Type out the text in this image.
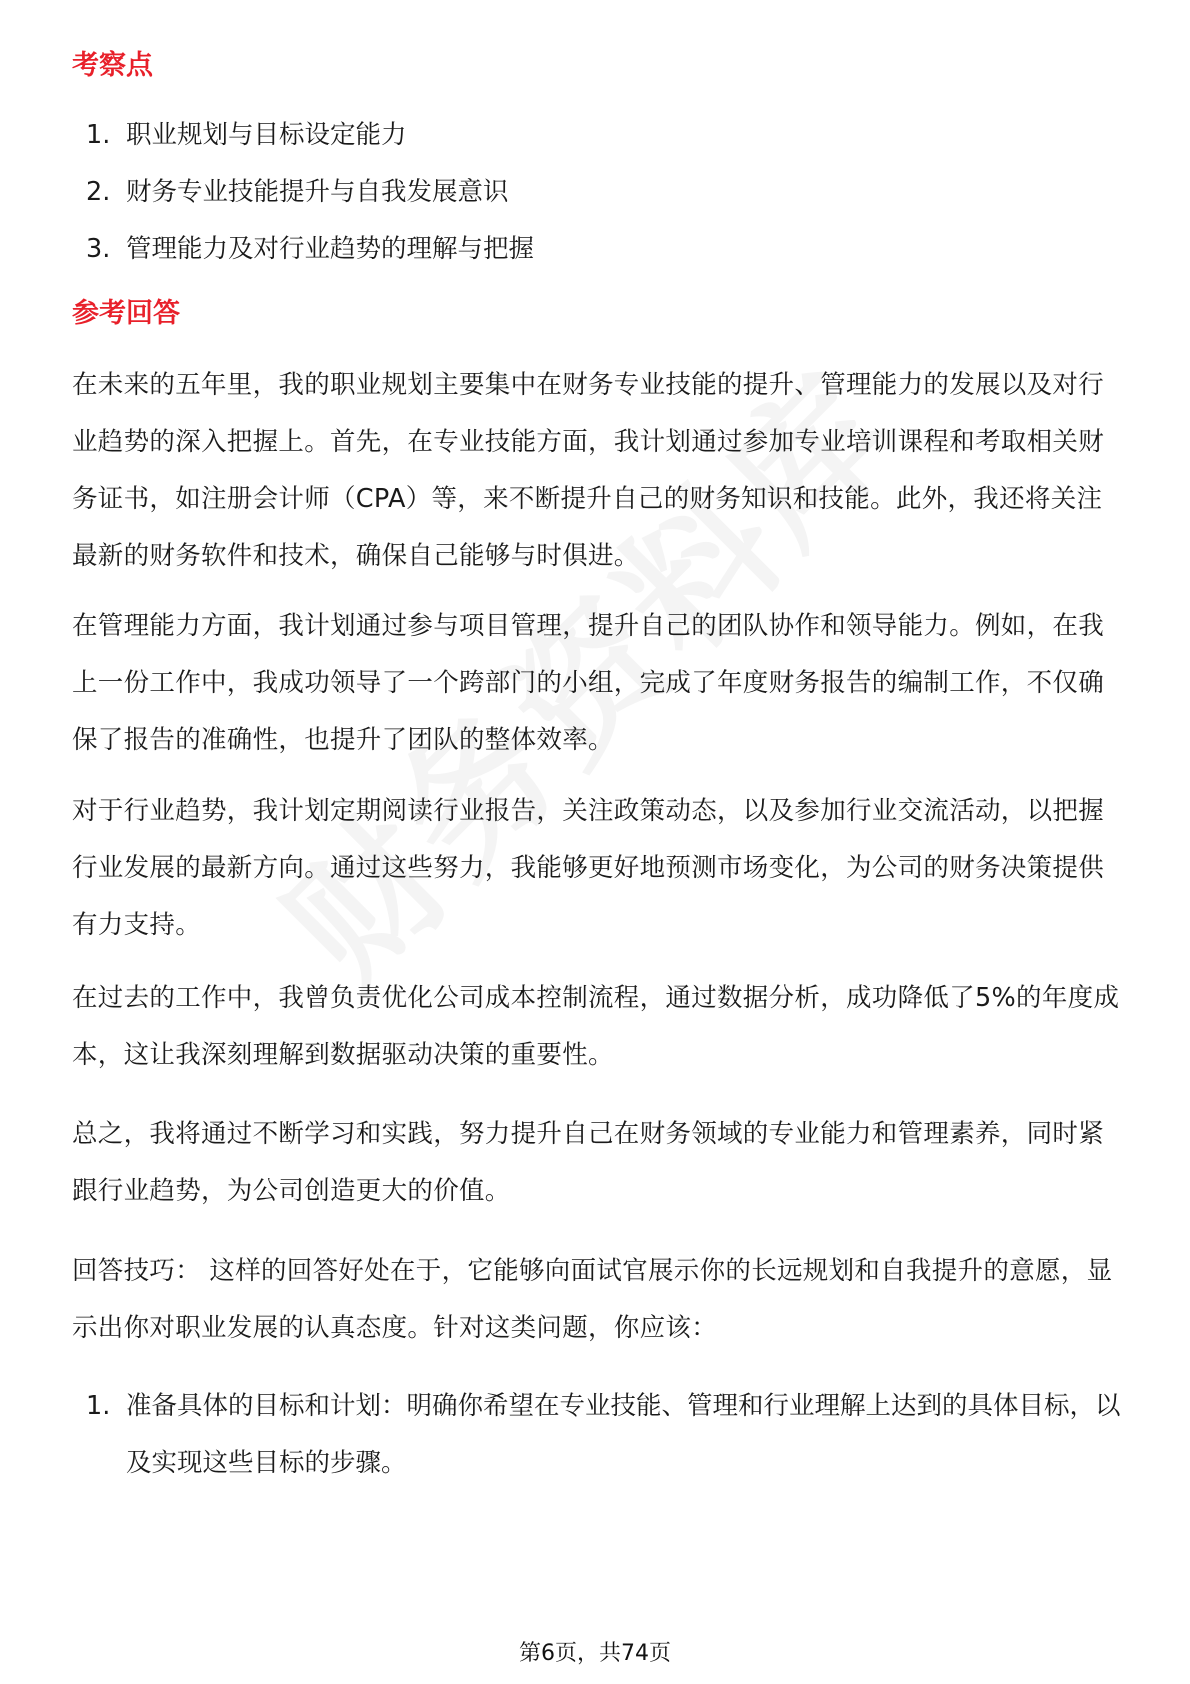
考察点
1. 职业规划与目标设定能力
2. 财务专业技能提升与自我发展意识
3. 管理能力及对行业趋势的理解与把握
参考回答
在未来的五年里，我的职业规划主要集中在财务专业技能的提升、管理能力的发展以及对行业趋势的深入把握上。首先，在专业技能方面，我计划通过参加专业培训课程和考取相关财务证书，如注册会计师（CPA）等，来不断提升自己的财务知识和技能。此外，我还将关注最新的财务软件和技术，确保自己能够与时俱进。
在管理能力方面，我计划通过参与项目管理，提升自己的团队协作和领导能力。例如，在我上一份工作中，我成功领导了一个跨部门的小组，完成了年度财务报告的编制工作，不仅确保了报告的准确性，也提升了团队的整体效率。
对于行业趋势，我计划定期阅读行业报告，关注政策动态，以及参加行业交流活动，以把握行业发展的最新方向。通过这些努力，我能够更好地预测市场变化，为公司的财务决策提供有力支持。
在过去的工作中，我曾负责优化公司成本控制流程，通过数据分析，成功降低了5%的年度成本，这让我深刻理解到数据驱动决策的重要性。
总之，我将通过不断学习和实践，努力提升自己在财务领域的专业能力和管理素养，同时紧跟行业趋势，为公司创造更大的价值。
回答技巧： 这样的回答好处在于，它能够向面试官展示你的长远规划和自我提升的意愿，显示出你对职业发展的认真态度。针对这类问题，你应该：
1. 准备具体的目标和计划：明确你希望在专业技能、管理和行业理解上达到的具体目标，以及实现这些目标的步骤。
第6页，共74页
